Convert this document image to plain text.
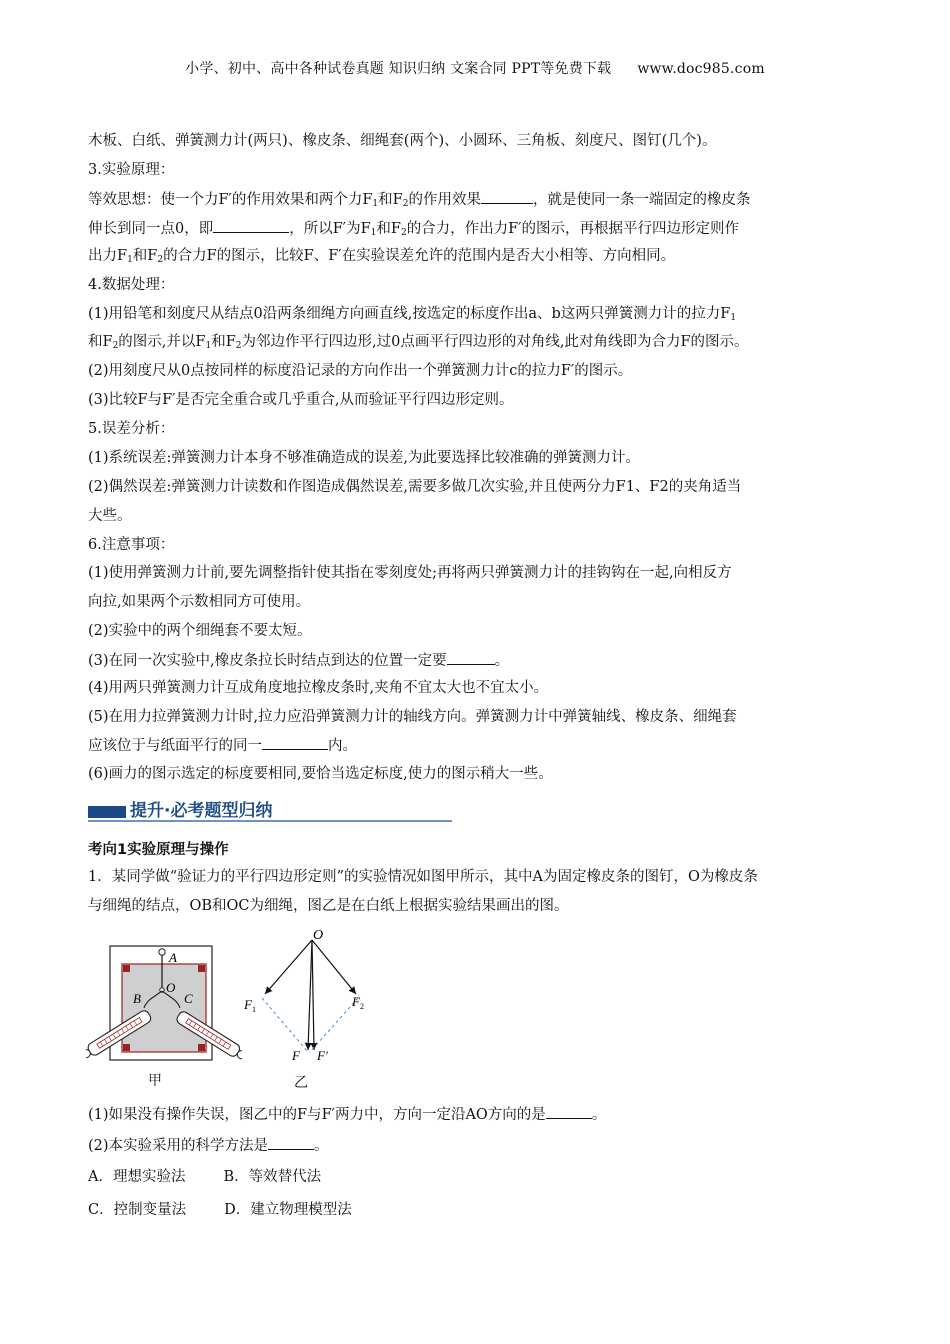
小学、初中、高中各种试卷真题 知识归纳 文案合同 PPT等免费下载 www.doc985.com
木板、白纸、弹簧测力计(两只)、橡皮条、细绳套(两个)、小圆环、三角板、刻度尺、图钉(几个)。
3.实验原理：
等效思想：使一个力F′的作用效果和两个力$F_1$和$F_2$的作用效果	，就是使同一条一端固定的橡皮条
伸长到同一点0，即	，所以F′为$F_1$和$F_2$的合力，作出力F′的图示，再根据平行四边形定则作
出力$F_1$和$F_2$的合力F的图示，比较F、F′在实验误差允许的范围内是否大小相等、方向相同。
4.数据处理：
(1)用铅笔和刻度尺从结点0沿两条细绳方向画直线,按选定的标度作出a、b这两只弹簧测力计的拉力$F_1$
和$F_2$的图示,并以$F_1$和$F_2$为邻边作平行四边形,过0点画平行四边形的对角线,此对角线即为合力F的图示。
(2)用刻度尺从0点按同样的标度沿记录的方向作出一个弹簧测力计c的拉力F′的图示。
(3)比较F与F′是否完全重合或几乎重合,从而验证平行四边形定则。
5.误差分析：
(1)系统误差:弹簧测力计本身不够准确造成的误差,为此要选择比较准确的弹簧测力计。
(2)偶然误差:弹簧测力计读数和作图造成偶然误差,需要多做几次实验,并且使两分力F1、F2的夹角适当
大些。
6.注意事项：
(1)使用弹簧测力计前,要先调整指针使其指在零刻度处;再将两只弹簧测力计的挂钩钩在一起,向相反方
向拉,如果两个示数相同方可使用。
(2)实验中的两个细绳套不要太短。
(3)在同一次实验中,橡皮条拉长时结点到达的位置一定要	。
(4)用两只弹簧测力计互成角度地拉橡皮条时,夹角不宜太大也不宜太小。
(5)在用力拉弹簧测力计时,拉力应沿弹簧测力计的轴线方向。弹簧测力计中弹簧轴线、橡皮条、细绳套
应该位于与纸面平行的同一	内。
(6)画力的图示选定的标度要相同,要恰当选定标度,使力的图示稍大一些。
提升·必考题型归纳
考向1实验原理与操作
1．某同学做“验证力的平行四边形定则”的实验情况如图甲所示，其中A为固定橡皮条的图钉，O为橡皮条
与细绳的结点，OB和OC为细绳，图乙是在白纸上根据实验结果画出的图。
A
B
O
C
甲
O
$F_1$
$F_2$
F F′
乙
(1)如果没有操作失误，图乙中的F与F′两力中，方向一定沿AO方向的是	。
(2)本实验采用的科学方法是	。
A．理想实验法	B．等效替代法
C．控制变量法	D．建立物理模型法
